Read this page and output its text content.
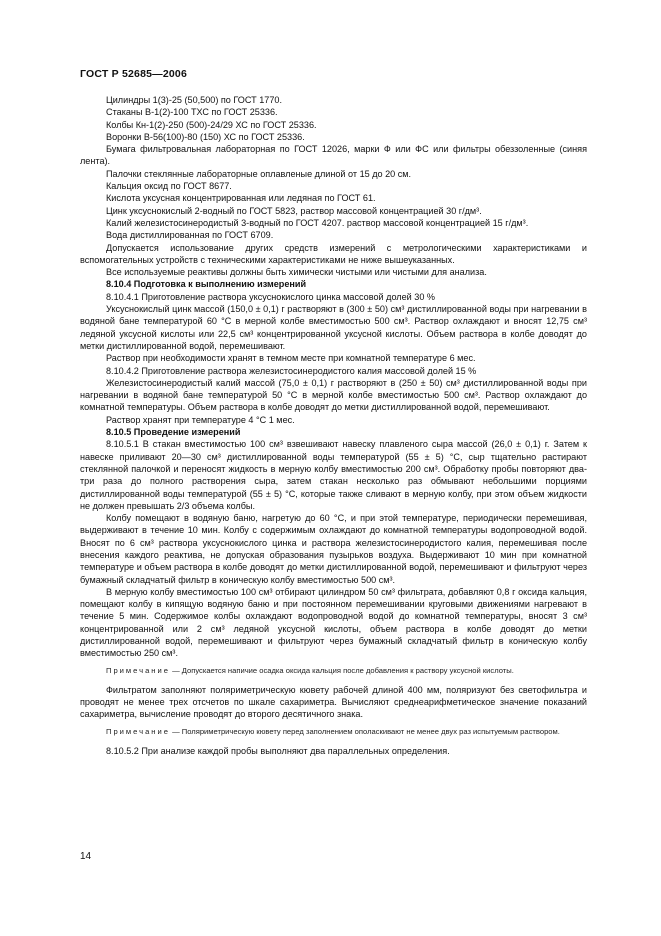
ГОСТ Р 52685—2006

Цилиндры 1(3)-25 (50,500) по ГОСТ 1770.

Стаканы В-1(2)-100 ТХС по ГОСТ 25336.

Колбы Кн-1(2)-250 (500)-24/29 ХС по ГОСТ 25336.

Воронки В-56(100)-80 (150) ХС по ГОСТ 25336.

Бумага фильтровальная лабораторная по ГОСТ 12026, марки Ф или ФС или фильтры обеззоленные (синяя лента).

Палочки стеклянные лабораторные оплавленые длиной от 15 до 20 см.

Кальция оксид по ГОСТ 8677.

Кислота уксусная концентрированная или ледяная по ГОСТ 61.

Цинк уксуснокислый 2-водный по ГОСТ 5823, раствор массовой концентрацией 30 г/дм³.

Калий железистосинеродистый 3-водный по ГОСТ 4207. раствор массовой концентрацией 15 г/дм³.

Вода дистиллированная по ГОСТ 6709.

Допускается использование других средств измерений с метрологическими характеристиками и вспомогательных устройств с техническими характеристиками не ниже вышеуказанных.

Все используемые реактивы должны быть химически чистыми или чистыми для анализа.

8.10.4 Подготовка к выполнению измерений

8.10.4.1 Приготовление раствора уксуснокислого цинка массовой долей 30 %

Уксуснокислый цинк массой (150,0 ± 0,1) г растворяют в (300 ± 50) см³ дистиллированной воды при нагревании в водяной бане температурой 60 °С в мерной колбе вместимостью 500 см³. Раствор охлаждают и вносят 12,75 см³ ледяной уксусной кислоты или 22,5 см³ концентрированной уксусной кислоты. Объем раствора в колбе доводят до метки дистиллированной водой, перемешивают.

Раствор при необходимости хранят в темном месте при комнатной температуре 6 мес.

8.10.4.2 Приготовление раствора железистосинеродистого калия массовой долей 15 %

Железистосинеродистый калий массой (75,0 ± 0,1) г растворяют в (250 ± 50) см³ дистиллированной воды при нагревании в водяной бане температурой 50 °С в мерной колбе вместимостью 500 см³. Раствор охлаждают до комнатной температуры. Объем раствора в колбе доводят до метки дистиллированной водой, перемешивают.

Раствор хранят при температуре 4 °С 1 мес.

8.10.5 Проведение измерений

8.10.5.1 В стакан вместимостью 100 см³ взвешивают навеску плавленого сыра массой (26,0 ± 0,1) г. Затем к навеске приливают 20—30 см³ дистиллированной воды температурой (55 ± 5) °С, сыр тщательно растирают стеклянной палочкой и переносят жидкость в мерную колбу вместимостью 200 см³. Обработку пробы повторяют два-три раза до полного растворения сыра, затем стакан несколько раз обмывают небольшими порциями дистиллированной воды температурой (55 ± 5) °С, которые также сливают в мерную колбу, при этом объем жидкости не должен превышать 2/3 объема колбы.

Колбу помещают в водяную баню, нагретую до 60 °С, и при этой температуре, периодически перемешивая, выдерживают в течение 10 мин. Колбу с содержимым охлаждают до комнатной температуры водопроводной водой. Вносят по 6 см³ раствора уксуснокислого цинка и раствора железистосинеродистого калия, перемешивая после внесения каждого реактива, не допуская образования пузырьков воздуха. Выдерживают 10 мин при комнатной температуре и объем раствора в колбе доводят до метки дистиллированной водой, перемешивают и фильтруют через бумажный складчатый фильтр в коническую колбу вместимостью 500 см³.

В мерную колбу вместимостью 100 см³ отбирают цилиндром 50 см³ фильтрата, добавляют 0,8 г оксида кальция, помещают колбу в кипящую водяную баню и при постоянном перемешивании круговыми движениями нагревают в течение 5 мин. Содержимое колбы охлаждают водопроводной водой до комнатной температуры, вносят 3 см³ концентрированной или 2 см³ ледяной уксусной кислоты, объем раствора в колбе доводят до метки дистиллированной водой, перемешивают и фильтруют через бумажный складчатый фильтр в коническую колбу вместимостью 250 см³.

Примечание — Допускается напичие осадка оксида кальция после добавления к раствору уксусной кислоты.

Фильтратом заполняют поляриметрическую кювету рабочей длиной 400 мм, поляризуют без светофильтра и проводят не менее трех отсчетов по шкале сахариметра. Вычисляют среднеарифметическое значение показаний сахариметра, вычисление проводят до второго десятичного знака.

Примечание — Поляриметрическую кювету перед заполнением ополаскивают не менее двух раз испытуемым раствором.

8.10.5.2 При анализе каждой пробы выполняют два параллельных определения.

14
